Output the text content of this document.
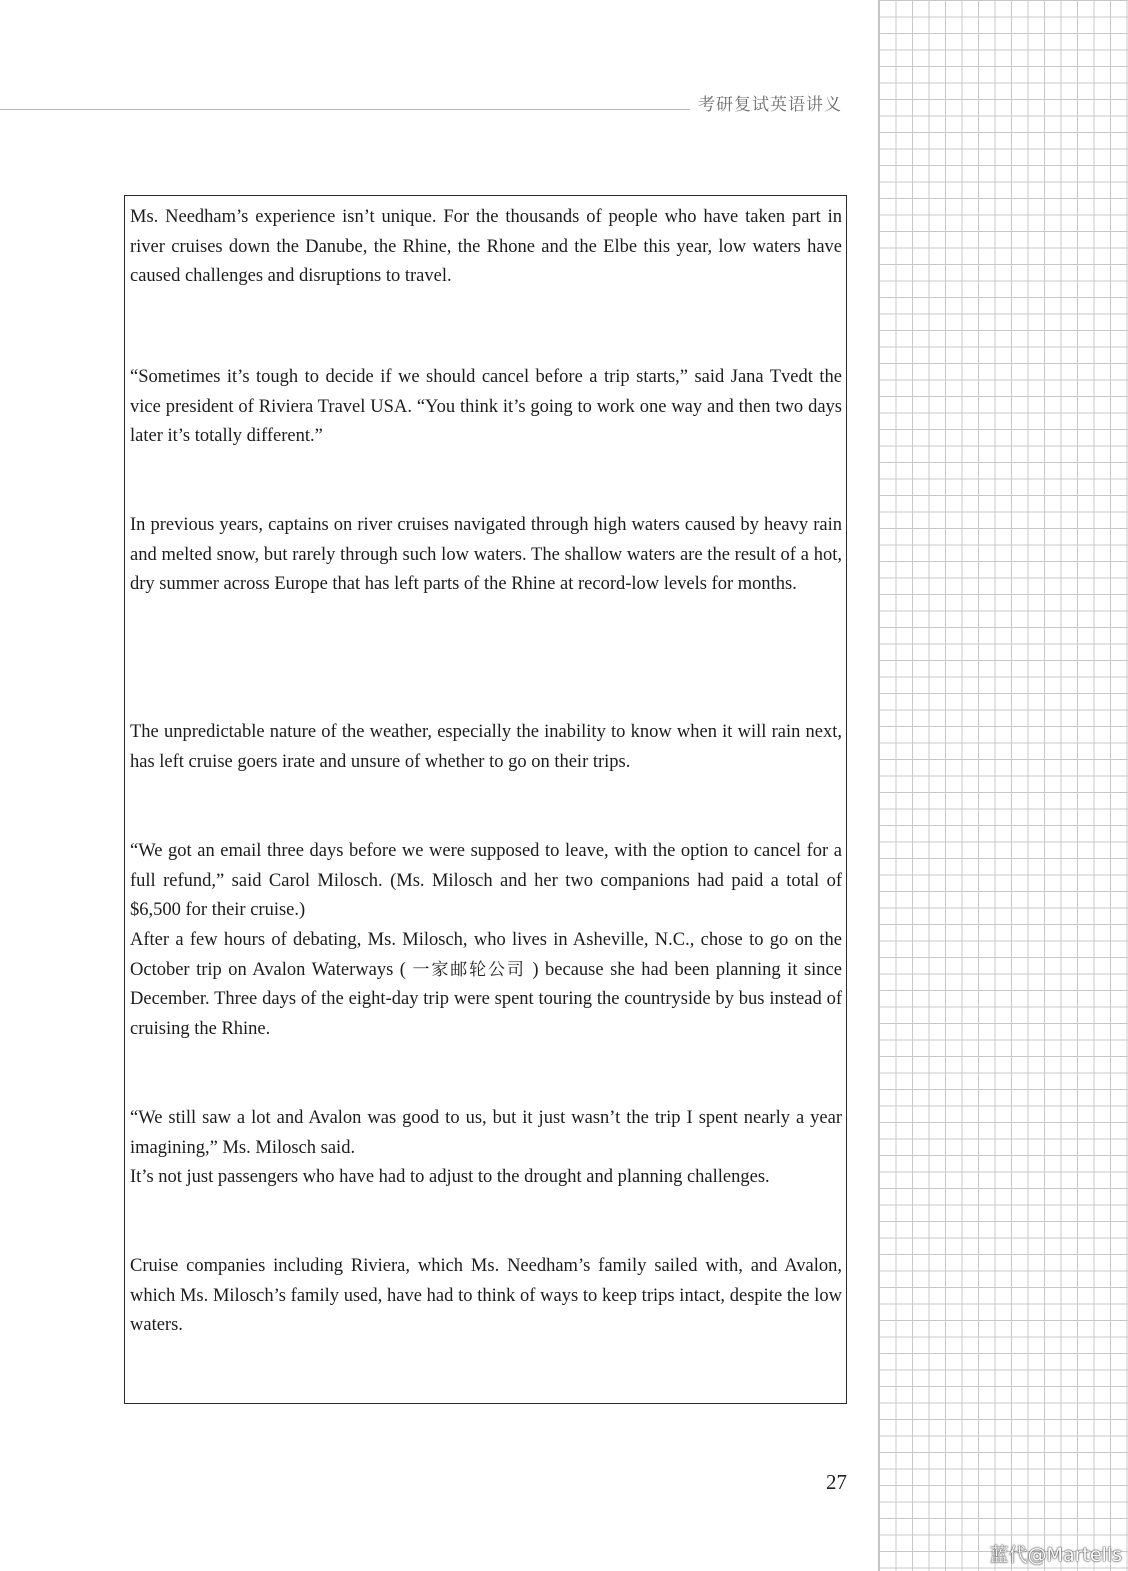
考研复试英语讲义

Ms. Needham’s experience isn’t unique. For the thousands of people who have taken part in river cruises down the Danube, the Rhine, the Rhone and the Elbe this year, low waters have caused challenges and disruptions to travel.

“Sometimes it’s tough to decide if we should cancel before a trip starts,” said Jana Tvedt the vice president of Riviera Travel USA. “You think it’s going to work one way and then two days later it’s totally different.”

In previous years, captains on river cruises navigated through high waters caused by heavy rain and melted snow, but rarely through such low waters. The shallow waters are the result of a hot, dry summer across Europe that has left parts of the Rhine at record-low levels for months.

The unpredictable nature of the weather, especially the inability to know when it will rain next, has left cruise goers irate and unsure of whether to go on their trips.

“We got an email three days before we were supposed to leave, with the option to cancel for a full refund,” said Carol Milosch. (Ms. Milosch and her two companions had paid a total of $6,500 for their cruise.)

After a few hours of debating, Ms. Milosch, who lives in Asheville, N.C., chose to go on the October trip on Avalon Waterways ( 一家邮轮公司 ) because she had been planning it since December. Three days of the eight-day trip were spent touring the countryside by bus instead of cruising the Rhine.

“We still saw a lot and Avalon was good to us, but it just wasn’t the trip I spent nearly a year imagining,” Ms. Milosch said.

It’s not just passengers who have had to adjust to the drought and planning challenges.

Cruise companies including Riviera, which Ms. Needham’s family sailed with, and Avalon, which Ms. Milosch’s family used, have had to think of ways to keep trips intact, despite the low waters.

27
蓝代@Martells
